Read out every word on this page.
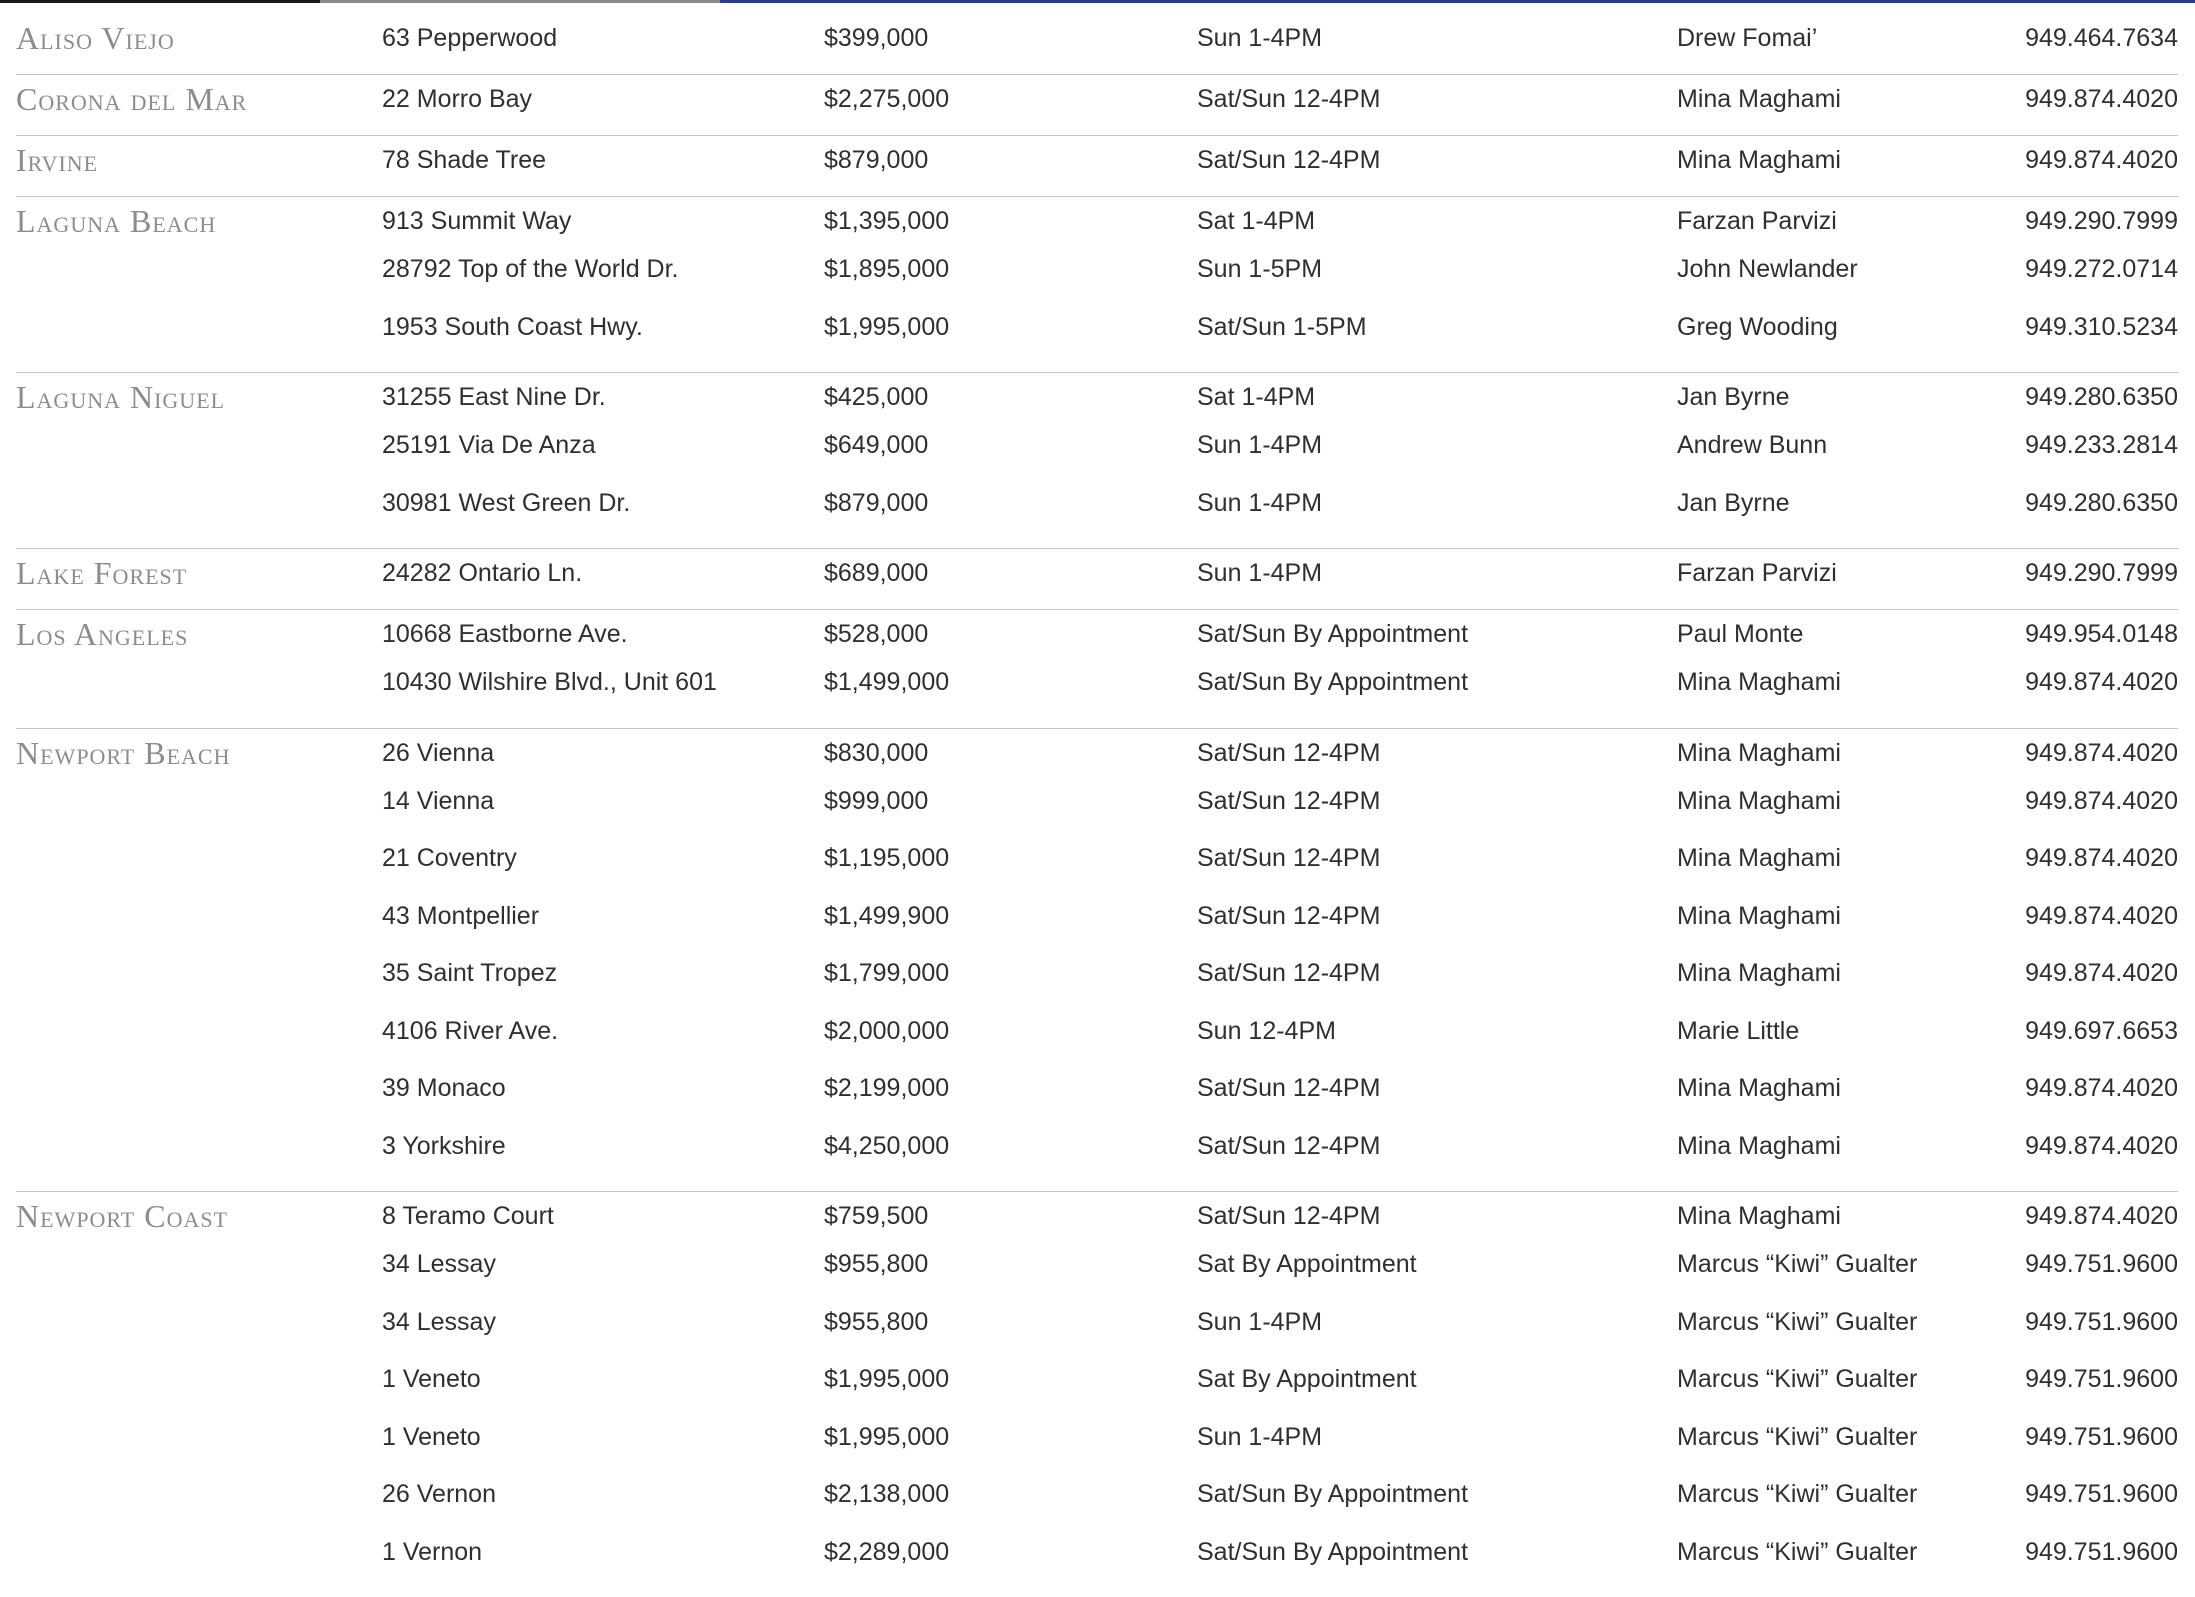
Aliso Viejo	63 Pepperwood	$399,000	Sun 1-4PM	Drew Fomai’	949.464.7634
Corona del Mar	22 Morro Bay	$2,275,000	Sat/Sun 12-4PM	Mina Maghami	949.874.4020
Irvine	78 Shade Tree	$879,000	Sat/Sun 12-4PM	Mina Maghami	949.874.4020
Laguna Beach	913 Summit Way	$1,395,000	Sat 1-4PM	Farzan Parvizi	949.290.7999
28792 Top of the World Dr.	$1,895,000	Sun 1-5PM	John Newlander	949.272.0714
1953 South Coast Hwy.	$1,995,000	Sat/Sun 1-5PM	Greg Wooding	949.310.5234
Laguna Niguel	31255 East Nine Dr.	$425,000	Sat 1-4PM	Jan Byrne	949.280.6350
25191 Via De Anza	$649,000	Sun 1-4PM	Andrew Bunn	949.233.2814
30981 West Green Dr.	$879,000	Sun 1-4PM	Jan Byrne	949.280.6350
Lake Forest	24282 Ontario Ln.	$689,000	Sun 1-4PM	Farzan Parvizi	949.290.7999
Los Angeles	10668 Eastborne Ave.	$528,000	Sat/Sun By Appointment	Paul Monte	949.954.0148
10430 Wilshire Blvd., Unit 601	$1,499,000	Sat/Sun By Appointment	Mina Maghami	949.874.4020
Newport Beach	26 Vienna	$830,000	Sat/Sun 12-4PM	Mina Maghami	949.874.4020
14 Vienna	$999,000	Sat/Sun 12-4PM	Mina Maghami	949.874.4020
21 Coventry	$1,195,000	Sat/Sun 12-4PM	Mina Maghami	949.874.4020
43 Montpellier	$1,499,900	Sat/Sun 12-4PM	Mina Maghami	949.874.4020
35 Saint Tropez	$1,799,000	Sat/Sun 12-4PM	Mina Maghami	949.874.4020
4106 River Ave.	$2,000,000	Sun 12-4PM	Marie Little	949.697.6653
39 Monaco	$2,199,000	Sat/Sun 12-4PM	Mina Maghami	949.874.4020
3 Yorkshire	$4,250,000	Sat/Sun 12-4PM	Mina Maghami	949.874.4020
Newport Coast	8 Teramo Court	$759,500	Sat/Sun 12-4PM	Mina Maghami	949.874.4020
34 Lessay	$955,800	Sat By Appointment	Marcus “Kiwi” Gualter	949.751.9600
34 Lessay	$955,800	Sun 1-4PM	Marcus “Kiwi” Gualter	949.751.9600
1 Veneto	$1,995,000	Sat By Appointment	Marcus “Kiwi” Gualter	949.751.9600
1 Veneto	$1,995,000	Sun 1-4PM	Marcus “Kiwi” Gualter	949.751.9600
26 Vernon	$2,138,000	Sat/Sun By Appointment	Marcus “Kiwi” Gualter	949.751.9600
1 Vernon	$2,289,000	Sat/Sun By Appointment	Marcus “Kiwi” Gualter	949.751.9600
